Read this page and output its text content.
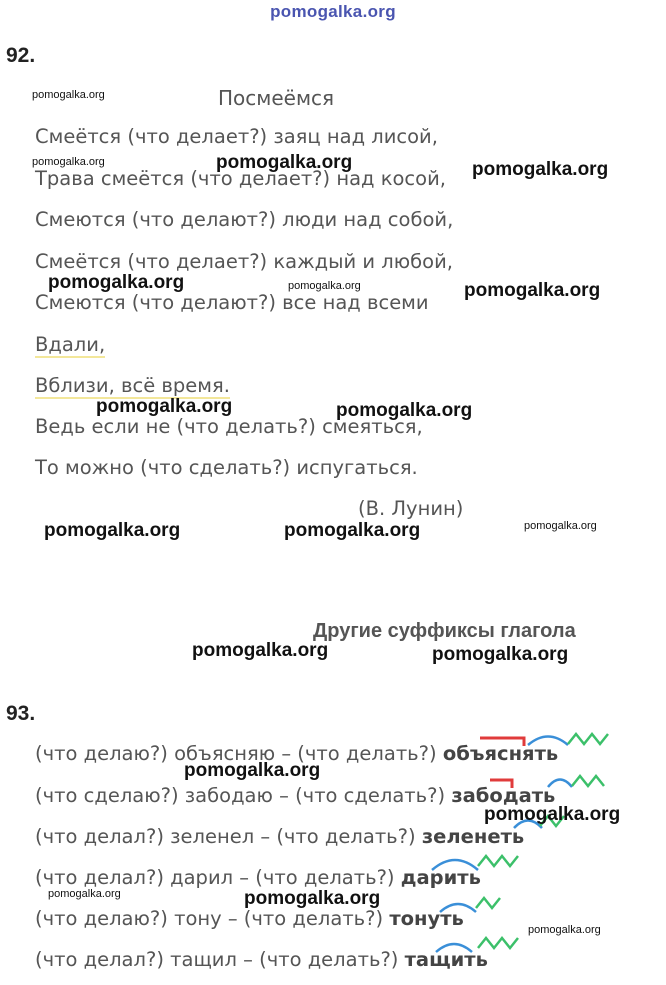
pomogalka.org
92.
Посмеёмся
Смеётся (что делает?) заяц над лисой,
Трава смеётся (что делает?) над косой,
Смеются (что делают?) люди над собой,
Смеётся (что делает?) каждый и любой,
Смеются (что делают?) все над всеми
Вдали,
Вблизи, всё время.
Ведь если не (что делать?) смеяться,
То можно (что сделать?) испугаться.
(В. Лунин)
Другие суффиксы глагола
93.
(что делаю?) объясняю – (что делать?) объяснять
(что сделаю?) забодаю – (что сделать?) забодать
(что делал?) зеленел – (что делать?) зеленеть
(что делал?) дарил – (что делать?) дарить
(что делаю?) тону – (что делать?) тонуть
(что делал?) тащил – (что делать?) тащить
pomogalka.org
pomogalka.org	pomogalka.org	pomogalka.org
pomogalka.org	pomogalka.org	pomogalka.org
pomogalka.org	pomogalka.org
pomogalka.org	pomogalka.org	pomogalka.org
pomogalka.org	pomogalka.org
pomogalka.org
pomogalka.org
pomogalka.org	pomogalka.org
pomogalka.org
